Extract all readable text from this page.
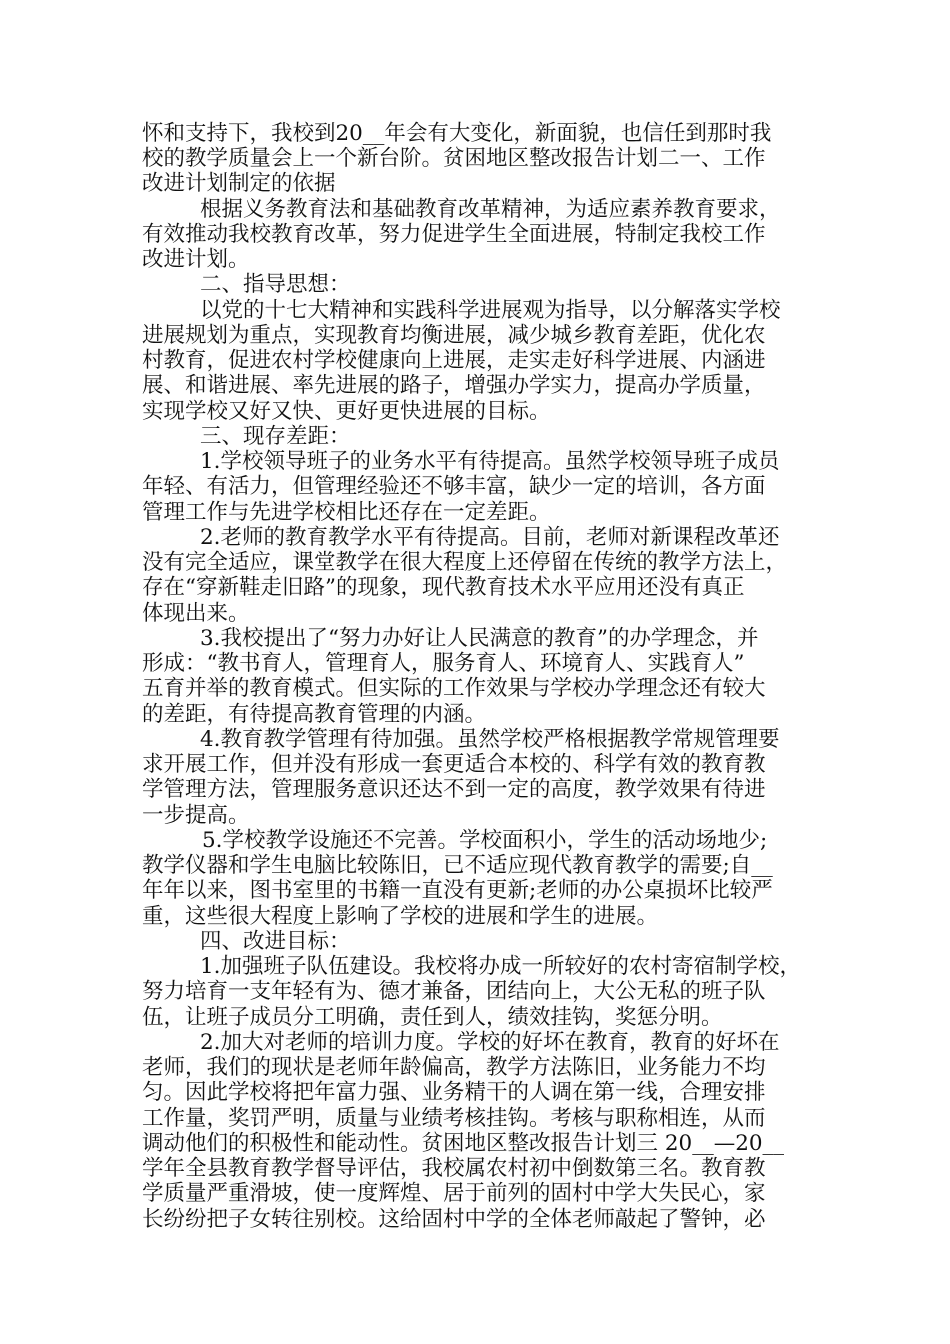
怀和支持下，我校到20__年会有大变化，新面貌，也信任到那时我
校的教学质量会上一个新台阶。贫困地区整改报告计划二一、工作
改进计划制定的依据
根据义务教育法和基础教育改革精神，为适应素养教育要求，
有效推动我校教育改革，努力促进学生全面进展，特制定我校工作
改进计划。
二、指导思想：
以党的十七大精神和实践科学进展观为指导，以分解落实学校
进展规划为重点，实现教育均衡进展，减少城乡教育差距，优化农
村教育，促进农村学校健康向上进展，走实走好科学进展、内涵进
展、和谐进展、率先进展的路子，增强办学实力，提高办学质量，
实现学校又好又快、更好更快进展的目标。
三、现存差距：
1.学校领导班子的业务水平有待提高。虽然学校领导班子成员
年轻、有活力，但管理经验还不够丰富，缺少一定的培训，各方面
管理工作与先进学校相比还存在一定差距。
2.老师的教育教学水平有待提高。目前，老师对新课程改革还
没有完全适应，课堂教学在很大程度上还停留在传统的教学方法上，
存在“穿新鞋走旧路”的现象，现代教育技术水平应用还没有真正
体现出来。
3.我校提出了“努力办好让人民满意的教育”的办学理念，并
形成：“教书育人，管理育人，服务育人、环境育人、实践育人”
五育并举的教育模式。但实际的工作效果与学校办学理念还有较大
的差距，有待提高教育管理的内涵。
4.教育教学管理有待加强。虽然学校严格根据教学常规管理要
求开展工作，但并没有形成一套更适合本校的、科学有效的教育教
学管理方法，管理服务意识还达不到一定的高度，教学效果有待进
一步提高。
5.学校教学设施还不完善。学校面积小，学生的活动场地少;
教学仪器和学生电脑比较陈旧，已不适应现代教育教学的需要;自__
年年以来，图书室里的书籍一直没有更新;老师的办公桌损坏比较严
重，这些很大程度上影响了学校的进展和学生的进展。
四、改进目标：
1.加强班子队伍建设。我校将办成一所较好的农村寄宿制学校，
努力培育一支年轻有为、德才兼备，团结向上，大公无私的班子队
伍，让班子成员分工明确，责任到人，绩效挂钩，奖惩分明。
2.加大对老师的培训力度。学校的好坏在教育，教育的好坏在
老师，我们的现状是老师年龄偏高，教学方法陈旧，业务能力不均
匀。因此学校将把年富力强、业务精干的人调在第一线，合理安排
工作量，奖罚严明，质量与业绩考核挂钩。考核与职称相连，从而
调动他们的积极性和能动性。贫困地区整改报告计划三 20__—20__
学年全县教育教学督导评估，我校属农村初中倒数第三名。教育教
学质量严重滑坡，使一度辉煌、居于前列的固村中学大失民心，家
长纷纷把子女转往别校。这给固村中学的全体老师敲起了警钟，必
